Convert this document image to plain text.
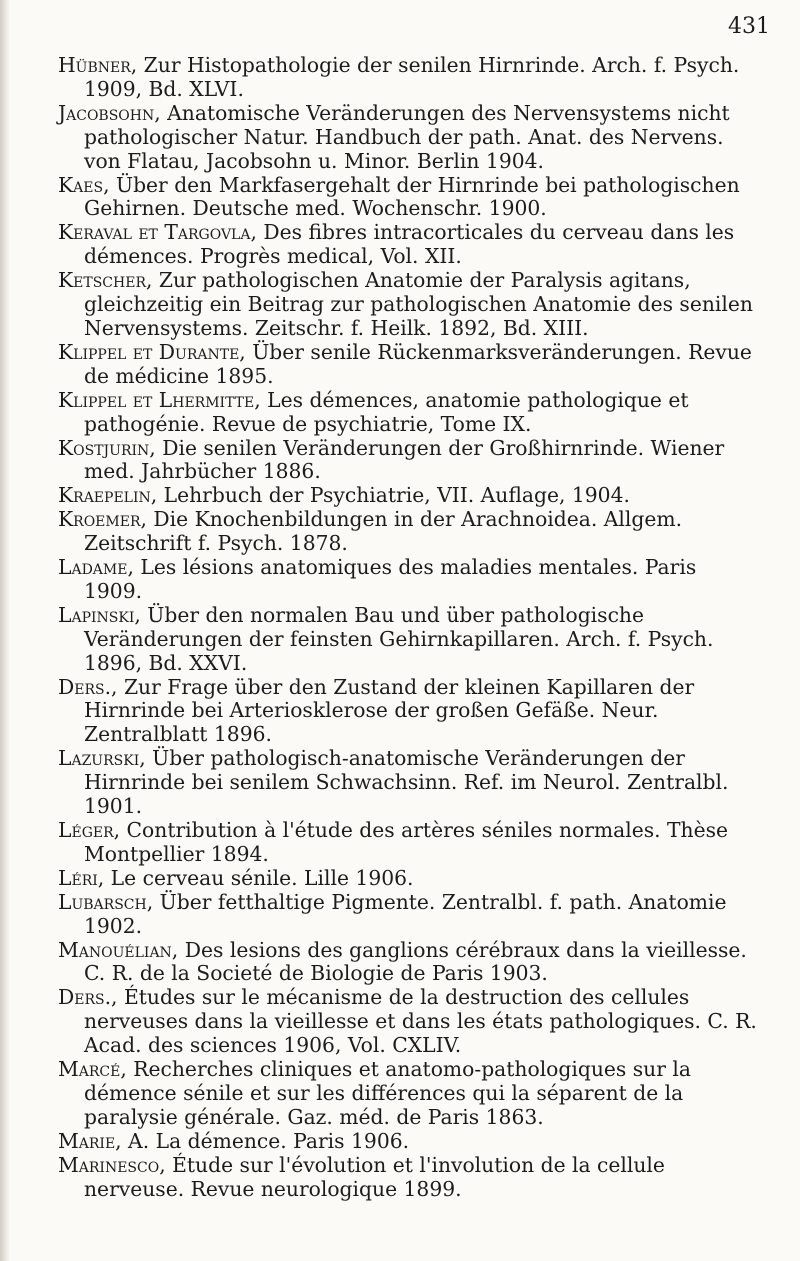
431
Hübner, Zur Histopathologie der senilen Hirnrinde. Arch. f. Psych. 1909, Bd. XLVI.
Jacobsohn, Anatomische Veränderungen des Nervensystems nicht pathologischer Natur. Handbuch der path. Anat. des Nervens. von Flatau, Jacobsohn u. Minor. Berlin 1904.
Kaes, Über den Markfasergehalt der Hirnrinde bei pathologischen Gehirnen. Deutsche med. Wochenschr. 1900.
Keraval et Targovla, Des fibres intracorticales du cerveau dans les démences. Progrès medical, Vol. XII.
Ketscher, Zur pathologischen Anatomie der Paralysis agitans, gleichzeitig ein Beitrag zur pathologischen Anatomie des senilen Nervensystems. Zeitschr. f. Heilk. 1892, Bd. XIII.
Klippel et Durante, Über senile Rückenmarksveränderungen. Revue de médicine 1895.
Klippel et Lhermitte, Les démences, anatomie pathologique et pathogénie. Revue de psychiatrie, Tome IX.
Kostjurin, Die senilen Veränderungen der Großhirnrinde. Wiener med. Jahrbücher 1886.
Kraepelin, Lehrbuch der Psychiatrie, VII. Auflage, 1904.
Kroemer, Die Knochenbildungen in der Arachnoidea. Allgem. Zeitschrift f. Psych. 1878.
Ladame, Les lésions anatomiques des maladies mentales. Paris 1909.
Lapinski, Über den normalen Bau und über pathologische Veränderungen der feinsten Gehirnkapillaren. Arch. f. Psych. 1896, Bd. XXVI.
Ders., Zur Frage über den Zustand der kleinen Kapillaren der Hirnrinde bei Arteriosklerose der großen Gefäße. Neur. Zentralblatt 1896.
Lazurski, Über pathologisch-anatomische Veränderungen der Hirnrinde bei senilem Schwachsinn. Ref. im Neurol. Zentralbl. 1901.
Léger, Contribution à l'étude des artères séniles normales. Thèse Montpellier 1894.
Léri, Le cerveau sénile. Lille 1906.
Lubarsch, Über fetthaltige Pigmente. Zentralbl. f. path. Anatomie 1902.
Manouélian, Des lesions des ganglions cérébraux dans la vieillesse. C. R. de la Societé de Biologie de Paris 1903.
Ders., Études sur le mécanisme de la destruction des cellules nerveuses dans la vieillesse et dans les états pathologiques. C. R. Acad. des sciences 1906, Vol. CXLIV.
Marcé, Recherches cliniques et anatomo-pathologiques sur la démence sénile et sur les différences qui la séparent de la paralysie générale. Gaz. méd. de Paris 1863.
Marie, A. La démence. Paris 1906.
Marinesco, Étude sur l'évolution et l'involution de la cellule nerveuse. Revue neurologique 1899.
